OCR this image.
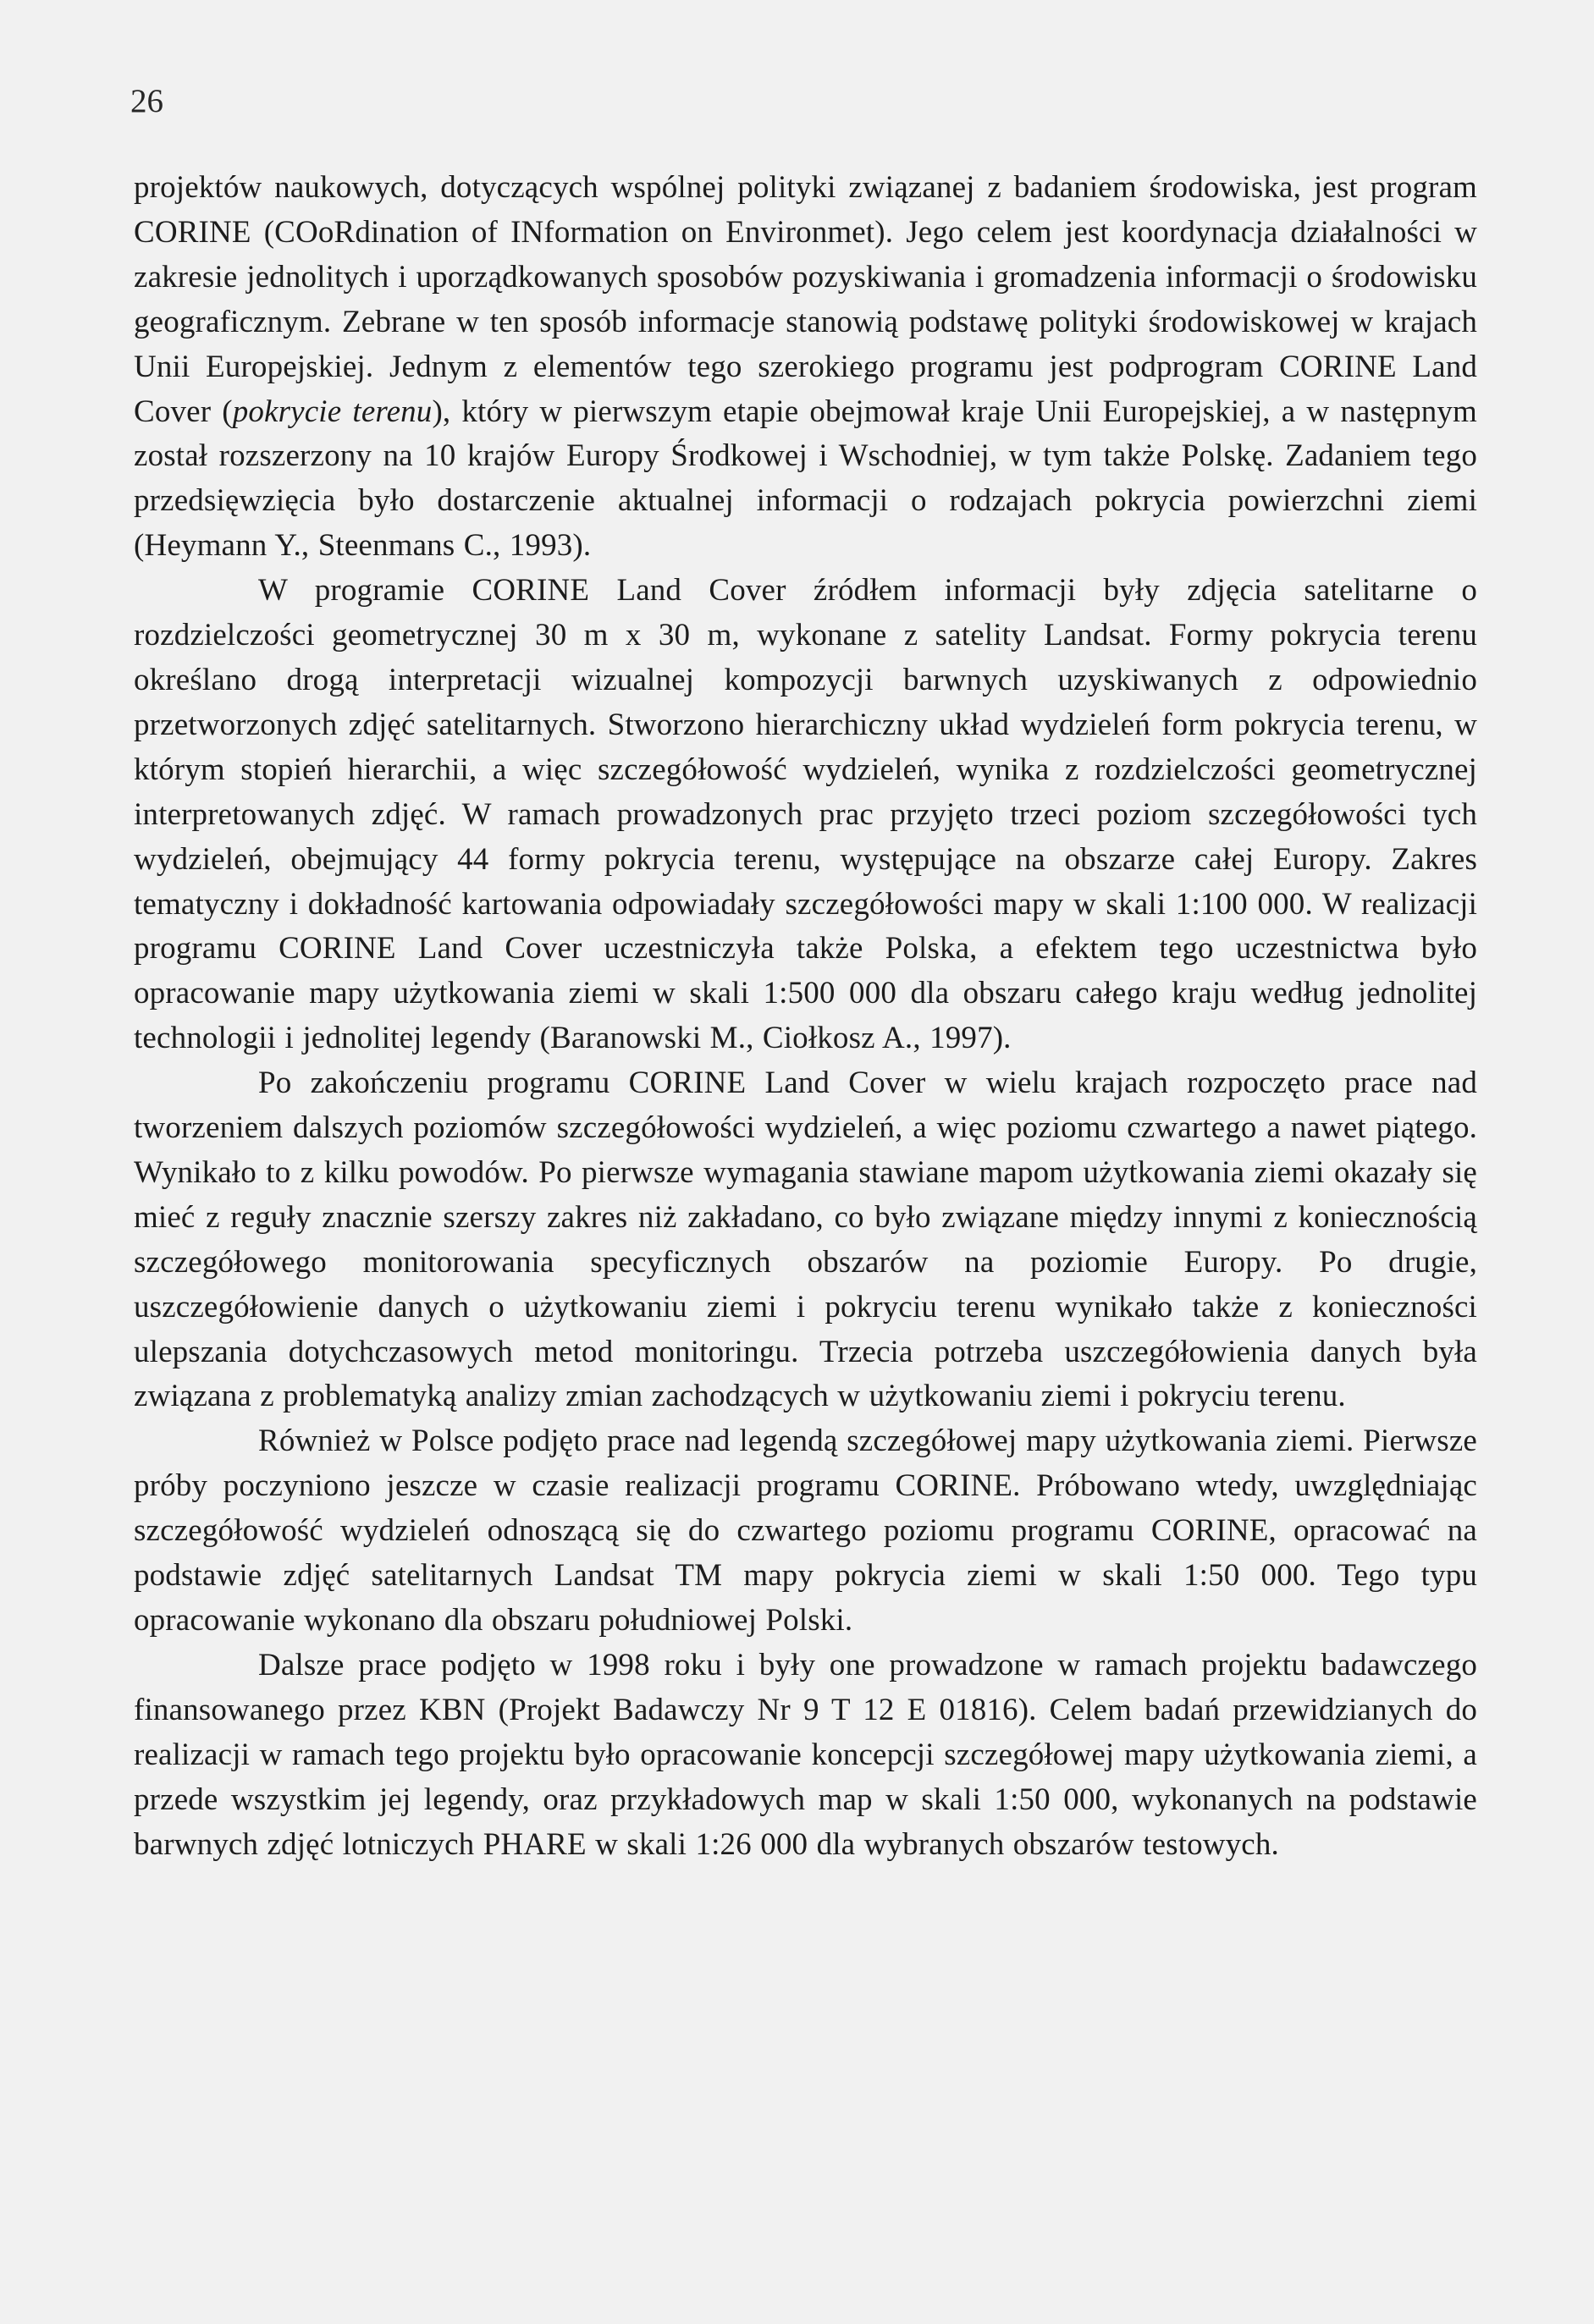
26

projektów naukowych, dotyczących wspólnej polityki związanej z badaniem środowiska, jest program CORINE (COoRdination of INformation on Environmet). Jego celem jest koordynacja działalności w zakresie jednolitych i uporządkowanych sposobów pozyskiwania i gromadzenia informacji o środowisku geograficznym. Zebrane w ten sposób informacje stanowią podstawę polityki środowiskowej w krajach Unii Europejskiej. Jednym z elementów tego szerokiego programu jest podprogram CORINE Land Cover (pokrycie terenu), który w pierwszym etapie obejmował kraje Unii Europejskiej, a w następnym został rozszerzony na 10 krajów Europy Środkowej i Wschodniej, w tym także Polskę. Zadaniem tego przedsięwzięcia było dostarczenie aktualnej informacji o rodzajach pokrycia powierzchni ziemi (Heymann Y., Steenmans C., 1993).

W programie CORINE Land Cover źródłem informacji były zdjęcia satelitarne o rozdzielczości geometrycznej 30 m x 30 m, wykonane z satelity Landsat. Formy pokrycia terenu określano drogą interpretacji wizualnej kompozycji barwnych uzyskiwanych z odpowiednio przetworzonych zdjęć satelitarnych. Stworzono hierarchiczny układ wydzieleń form pokrycia terenu, w którym stopień hierarchii, a więc szczegółowość wydzieleń, wynika z rozdzielczości geometrycznej interpretowanych zdjęć. W ramach prowadzonych prac przyjęto trzeci poziom szczegółowości tych wydzieleń, obejmujący 44 formy pokrycia terenu, występujące na obszarze całej Europy. Zakres tematyczny i dokładność kartowania odpowiadały szczegółowości mapy w skali 1:100 000. W realizacji programu CORINE Land Cover uczestniczyła także Polska, a efektem tego uczestnictwa było opracowanie mapy użytkowania ziemi w skali 1:500 000 dla obszaru całego kraju według jednolitej technologii i jednolitej legendy (Baranowski M., Ciołkosz A., 1997).

Po zakończeniu programu CORINE Land Cover w wielu krajach rozpoczęto prace nad tworzeniem dalszych poziomów szczegółowości wydzieleń, a więc poziomu czwartego a nawet piątego. Wynikało to z kilku powodów. Po pierwsze wymagania stawiane mapom użytkowania ziemi okazały się mieć z reguły znacznie szerszy zakres niż zakładano, co było związane między innymi z koniecznością szczegółowego monitorowania specyficznych obszarów na poziomie Europy. Po drugie, uszczegółowienie danych o użytkowaniu ziemi i pokryciu terenu wynikało także z konieczności ulepszania dotychczasowych metod monitoringu. Trzecia potrzeba uszczegółowienia danych była związana z problematyką analizy zmian zachodzących w użytkowaniu ziemi i pokryciu terenu.

Również w Polsce podjęto prace nad legendą szczegółowej mapy użytkowania ziemi. Pierwsze próby poczyniono jeszcze w czasie realizacji programu CORINE. Próbowano wtedy, uwzględniając szczegółowość wydzieleń odnoszącą się do czwartego poziomu programu CORINE, opracować na podstawie zdjęć satelitarnych Landsat TM mapy pokrycia ziemi w skali 1:50 000. Tego typu opracowanie wykonano dla obszaru południowej Polski.

Dalsze prace podjęto w 1998 roku i były one prowadzone w ramach projektu badawczego finansowanego przez KBN (Projekt Badawczy Nr 9 T 12 E 01816). Celem badań przewidzianych do realizacji w ramach tego projektu było opracowanie koncepcji szczegółowej mapy użytkowania ziemi, a przede wszystkim jej legendy, oraz przykładowych map w skali 1:50 000, wykonanych na podstawie barwnych zdjęć lotniczych PHARE w skali 1:26 000 dla wybranych obszarów testowych.
